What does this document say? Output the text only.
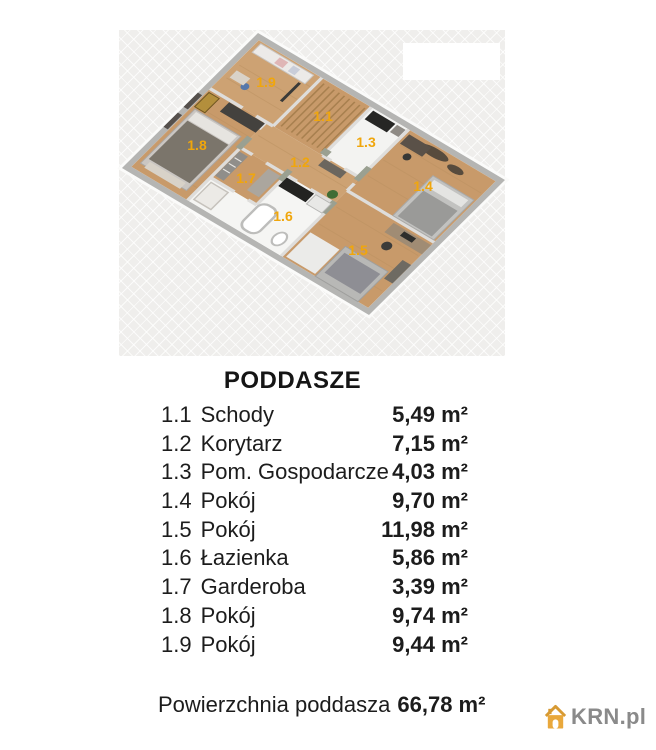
1.1
1.2
1.3
1.4
1.5
1.6
1.7
1.8
1.9
PODDASZE
1.1 Schody	5,49 m²
1.2 Korytarz	7,15 m²
1.3 Pom. Gospodarcze 4,03 m²
1.4 Pokój	9,70 m²
1.5 Pokój	11,98 m²
1.6 Łazienka	5,86 m²
1.7 Garderoba	3,39 m²
1.8 Pokój	9,74 m²
1.9 Pokój	9,44 m²
Powierzchnia poddasza 66,78 m²	KRN.pl
